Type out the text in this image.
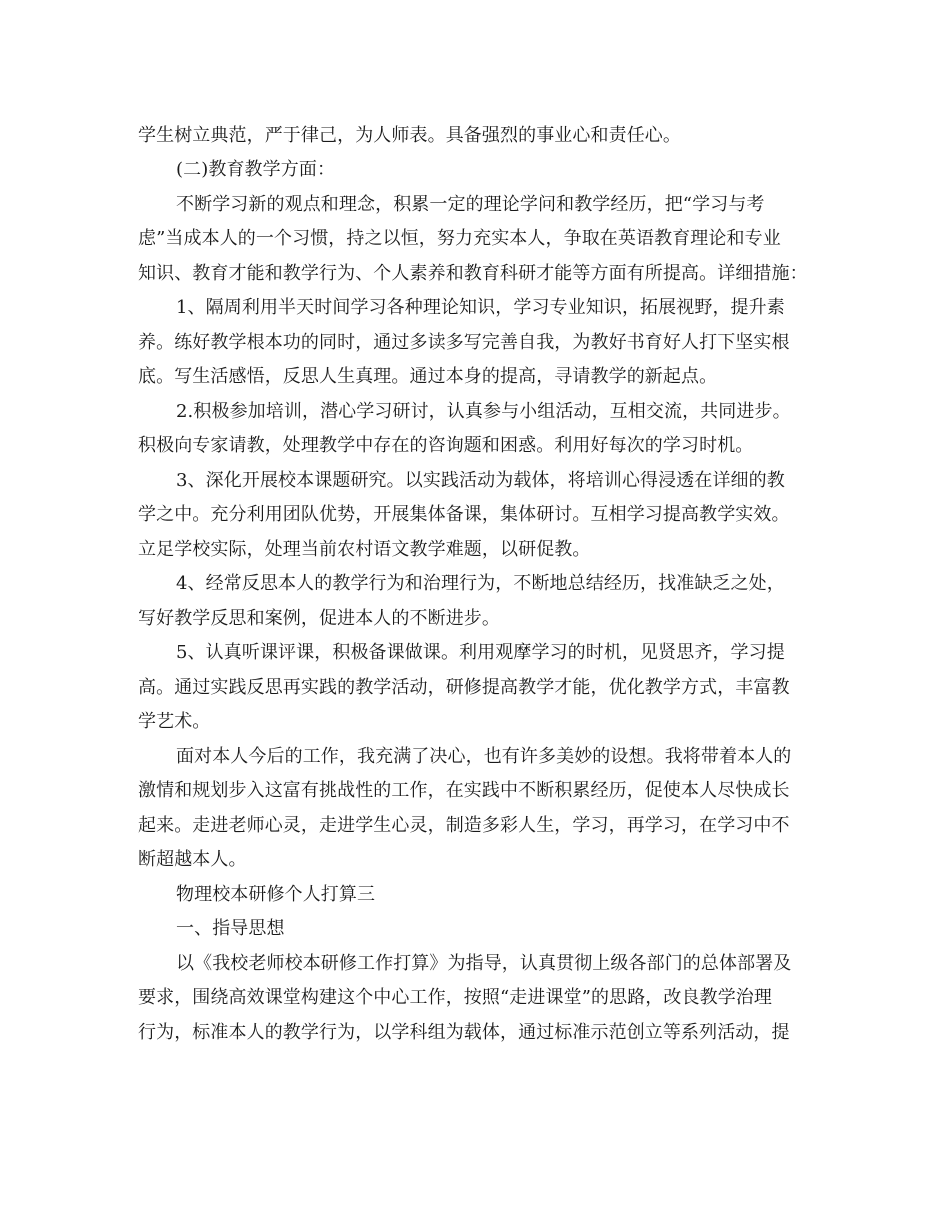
学生树立典范，严于律己，为人师表。具备强烈的事业心和责任心。
(二)教育教学方面：
不断学习新的观点和理念，积累一定的理论学问和教学经历，把“学习与考
虑”当成本人的一个习惯，持之以恒，努力充实本人，争取在英语教育理论和专业
知识、教育才能和教学行为、个人素养和教育科研才能等方面有所提高。详细措施：
1、隔周利用半天时间学习各种理论知识，学习专业知识，拓展视野，提升素
养。练好教学根本功的同时，通过多读多写完善自我，为教好书育好人打下坚实根
底。写生活感悟，反思人生真理。通过本身的提高，寻请教学的新起点。
2.积极参加培训，潜心学习研讨，认真参与小组活动，互相交流，共同进步。
积极向专家请教，处理教学中存在的咨询题和困惑。利用好每次的学习时机。
3、深化开展校本课题研究。以实践活动为载体，将培训心得浸透在详细的教
学之中。充分利用团队优势，开展集体备课，集体研讨。互相学习提高教学实效。
立足学校实际，处理当前农村语文教学难题，以研促教。
4、经常反思本人的教学行为和治理行为，不断地总结经历，找准缺乏之处，
写好教学反思和案例，促进本人的不断进步。
5、认真听课评课，积极备课做课。利用观摩学习的时机，见贤思齐，学习提
高。通过实践反思再实践的教学活动，研修提高教学才能，优化教学方式，丰富教
学艺术。
面对本人今后的工作，我充满了决心，也有许多美妙的设想。我将带着本人的
激情和规划步入这富有挑战性的工作，在实践中不断积累经历，促使本人尽快成长
起来。走进老师心灵，走进学生心灵，制造多彩人生，学习，再学习，在学习中不
断超越本人。
物理校本研修个人打算三
一、指导思想
以《我校老师校本研修工作打算》为指导，认真贯彻上级各部门的总体部署及
要求，围绕高效课堂构建这个中心工作，按照“走进课堂”的思路，改良教学治理
行为，标准本人的教学行为，以学科组为载体，通过标准示范创立等系列活动，提
